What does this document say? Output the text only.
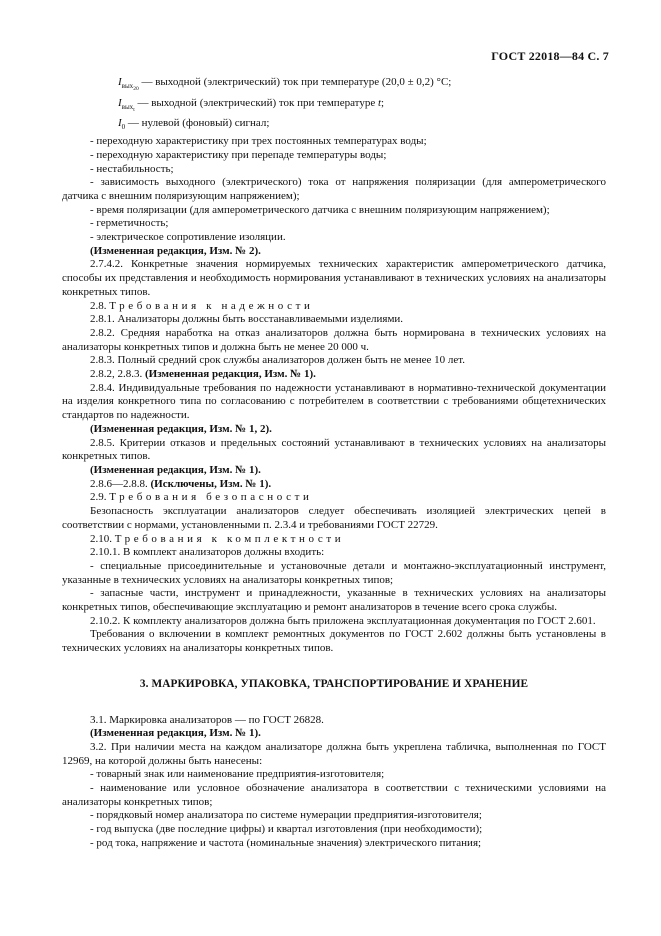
ГОСТ 22018—84 С. 7

$I_{вых_{20}}$ — выходной (электрический) ток при температуре (20,0 ± 0,2) °С;

$I_{вых_t}$ — выходной (электрический) ток при температуре t;

$I_0$ — нулевой (фоновый) сигнал;

- переходную характеристику при трех постоянных температурах воды;

- переходную характеристику при перепаде температуры воды;

- нестабильность;

- зависимость выходного (электрического) тока от напряжения поляризации (для амперометрического датчика с внешним поляризующим напряжением);

- время поляризации (для амперометрического датчика с внешним поляризующим напряжением);

- герметичность;

- электрическое сопротивление изоляции.

(Измененная редакция, Изм. № 2).

2.7.4.2. Конкретные значения нормируемых технических характеристик амперометрического датчика, способы их представления и необходимость нормирования устанавливают в технических условиях на анализаторы конкретных типов.

2.8. Требования к надежности

2.8.1. Анализаторы должны быть восстанавливаемыми изделиями.

2.8.2. Средняя наработка на отказ анализаторов должна быть нормирована в технических условиях на анализаторы конкретных типов и должна быть не менее 20 000 ч.

2.8.3. Полный средний срок службы анализаторов должен быть не менее 10 лет.

2.8.2, 2.8.3. (Измененная редакция, Изм. № 1).

2.8.4. Индивидуальные требования по надежности устанавливают в нормативно-технической документации на изделия конкретного типа по согласованию с потребителем в соответствии с требованиями общетехнических стандартов по надежности.

(Измененная редакция, Изм. № 1, 2).

2.8.5. Критерии отказов и предельных состояний устанавливают в технических условиях на анализаторы конкретных типов.

(Измененная редакция, Изм. № 1).

2.8.6—2.8.8. (Исключены, Изм. № 1).

2.9. Требования безопасности

Безопасность эксплуатации анализаторов следует обеспечивать изоляцией электрических цепей в соответствии с нормами, установленными п. 2.3.4 и требованиями ГОСТ 22729.

2.10. Требования к комплектности

2.10.1. В комплект анализаторов должны входить:

- специальные присоединительные и установочные детали и монтажно-эксплуатационный инструмент, указанные в технических условиях на анализаторы конкретных типов;

- запасные части, инструмент и принадлежности, указанные в технических условиях на анализаторы конкретных типов, обеспечивающие эксплуатацию и ремонт анализаторов в течение всего срока службы.

2.10.2. К комплекту анализаторов должна быть приложена эксплуатационная документация по ГОСТ 2.601.

Требования о включении в комплект ремонтных документов по ГОСТ 2.602 должны быть установлены в технических условиях на анализаторы конкретных типов.

3. МАРКИРОВКА, УПАКОВКА, ТРАНСПОРТИРОВАНИЕ И ХРАНЕНИЕ

3.1. Маркировка анализаторов — по ГОСТ 26828.

(Измененная редакция, Изм. № 1).

3.2. При наличии места на каждом анализаторе должна быть укреплена табличка, выполненная по ГОСТ 12969, на которой должны быть нанесены:

- товарный знак или наименование предприятия-изготовителя;

- наименование или условное обозначение анализатора в соответствии с техническими условиями на анализаторы конкретных типов;

- порядковый номер анализатора по системе нумерации предприятия-изготовителя;

- год выпуска (две последние цифры) и квартал изготовления (при необходимости);

- род тока, напряжение и частота (номинальные значения) электрического питания;
